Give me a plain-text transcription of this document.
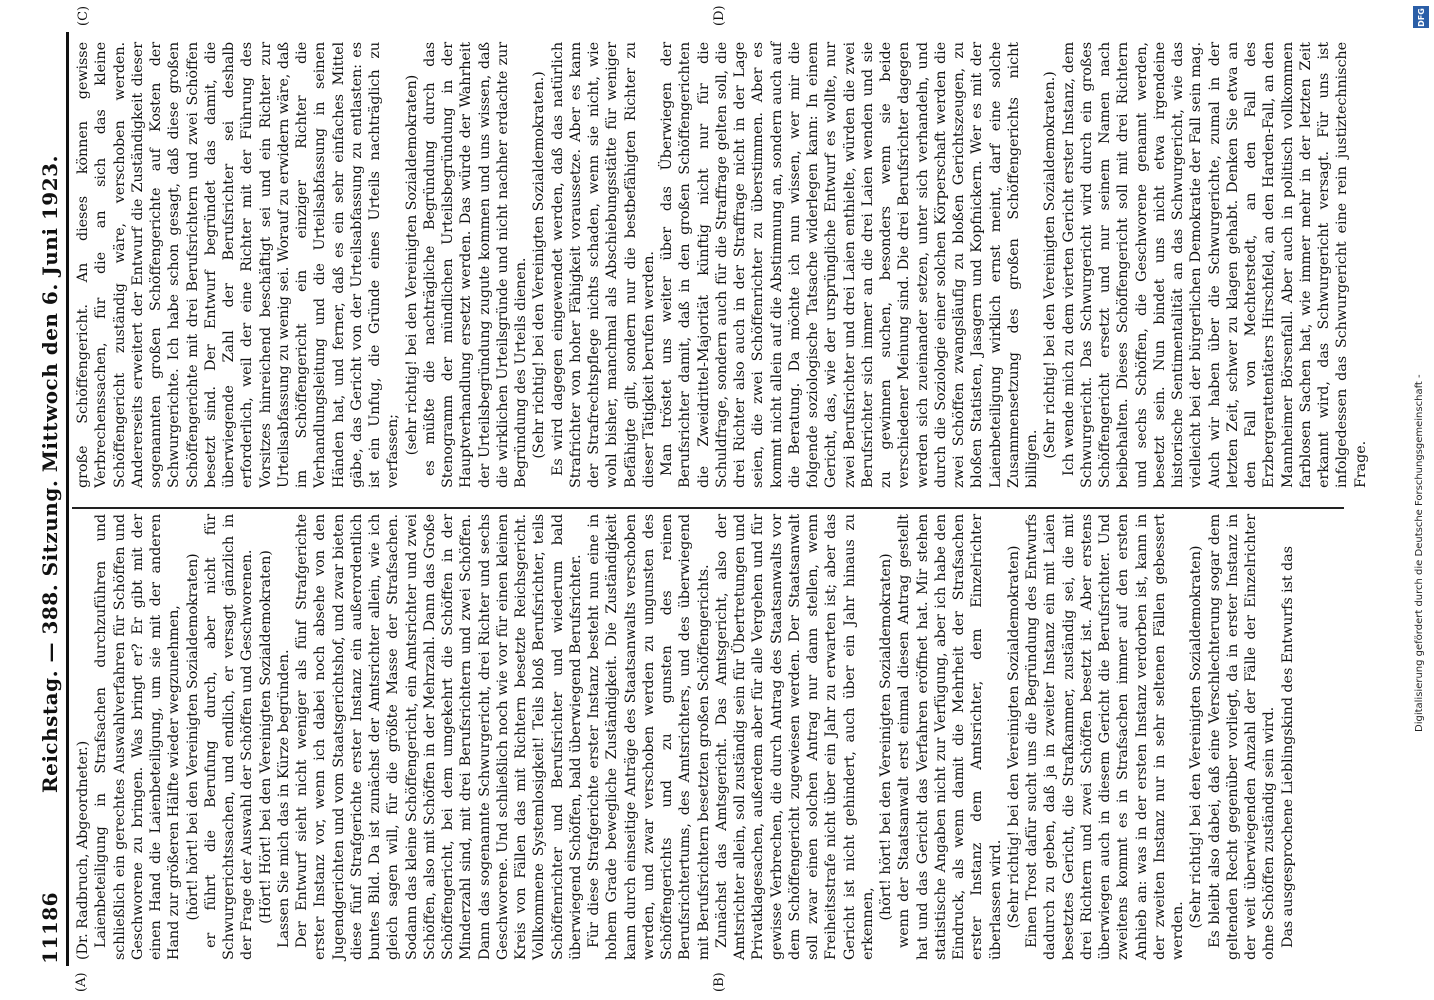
11186
Reichstag. — 388. Sitzung. Mittwoch den 6. Juni 1923.
(A)	(B)
(C)	(D)

(Dr. Radbruch, Abgeordneter.) Laienbeteiligung in Strafsachen durchzuführen und schließlich ein gerechtes Auswahlverfahren für Schöffen und Geschworene zu bringen. Was bringt er? Er gibt mit der einen Hand die Laienbeteiligung, um sie mit der anderen Hand zur größeren Hälfte wieder wegzunehmen, (hört! hört! bei den Vereinigten Sozialdemokraten) er führt die Berufung durch, aber nicht für Schwurgerichtssachen, und endlich, er versagt gänzlich in der Frage der Auswahl der Schöffen und Geschworenen. (Hört! Hört! bei den Vereinigten Sozialdemokraten) Lassen Sie mich das in Kürze begründen. Der Entwurf sieht nicht weniger als fünf Strafgerichte erster Instanz vor, wenn ich dabei noch absehe von den Jugendgerichten und vom Staatsgerichtshof, und zwar bieten diese fünf Strafgerichte erster Instanz ein außerordentlich buntes Bild. Da ist zunächst der Amtsrichter allein, wie ich gleich sagen will, für die größte Masse der Strafsachen. Sodann das kleine Schöffengericht, ein Amtsrichter und zwei Schöffen, also mit Schöffen in der Mehrzahl. Dann das Große Schöffengericht, bei dem umgekehrt die Schöffen in der Minderzahl sind, mit drei Berufsrichtern und zwei Schöffen. Dann das sogenannte Schwurgericht, drei Richter und sechs Geschworene. Und schließlich noch wie vor für einen kleinen Kreis von Fällen das mit Richtern besetzte Reichsgericht. Vollkommene Systemlosigkeit! Teils bloß Berufsrichter, teils Schöffenrichter und Berufsrichter und wiederum bald überwiegend Schöffen, bald überwiegend Berufsrichter. Für diese Strafgerichte erster Instanz besteht nun eine in hohem Grade bewegliche Zuständigkeit. Die Zuständigkeit kann durch einseitige Anträge des Staatsanwalts verschoben werden, und zwar verschoben werden zu ungunsten des Schöffengerichts und zu gunsten des reinen Berufsrichtertums, des Amtsrichters, und des überwiegend mit Berufsrichtern besetzten großen Schöffengerichts. Zunächst das Amtsgericht. Das Amtsgericht, also der Amtsrichter allein, soll zuständig sein für Übertretungen und Privatklagesachen, außerdem aber für alle Vergehen und für gewisse Verbrechen, die durch Antrag des Staatsanwalts vor dem Schöffengericht zugewiesen werden. Der Staatsanwalt soll zwar einen solchen Antrag nur dann stellen, wenn Freiheitsstrafe nicht über ein Jahr zu erwarten ist; aber das Gericht ist nicht gehindert, auch über ein Jahr hinaus zu erkennen,

(hört! hört! bei den Vereinigten Sozialdemokraten) wenn der Staatsanwalt erst einmal diesen Antrag gestellt hat und das Gericht das Verfahren eröffnet hat. Mir stehen statistische Angaben nicht zur Verfügung, aber ich habe den Eindruck, als wenn damit die Mehrheit der Strafsachen erster Instanz dem Amtsrichter, dem Einzelrichter überlassen wird. (Sehr richtig! bei den Vereinigten Sozialdemokraten) Einen Trost dafür sucht uns die Begründung des Entwurfs dadurch zu geben, daß ja in zweiter Instanz ein mit Laien besetztes Gericht, die Strafkammer, zuständig sei, die mit drei Richtern und zwei Schöffen besetzt ist. Aber erstens überwiegen auch in diesem Gericht die Berufsrichter. Und zweitens kommt es in Strafsachen immer auf den ersten Anhieb an: was in der ersten Instanz verdorben ist, kann in der zweiten Instanz nur in sehr seltenen Fällen gebessert werden.

(Sehr richtig! bei den Vereinigten Sozialdemokraten) Es bleibt also dabei, daß eine Verschlechterung sogar dem geltenden Recht gegenüber vorliegt, da in erster Instanz in der weit überwiegenden Anzahl der Fälle der Einzelrichter ohne Schöffen zuständig sein wird. Das ausgesprochene Lieblingskind des Entwurfs ist das

große Schöffengericht. An dieses können gewisse Verbrechenssachen, für die an sich das kleine Schöffengericht zuständig wäre, verschoben werden. Andererseits erweitert der Entwurf die Zuständigkeit dieser sogenannten großen Schöffengerichte auf Kosten der Schwurgerichte. Ich habe schon gesagt, daß diese großen Schöffengerichte mit drei Berufsrichtern und zwei Schöffen besetzt sind. Der Entwurf begründet das damit, die überwiegende Zahl der Berufsrichter sei deshalb erforderlich, weil der eine Richter mit der Führung des Vorsitzes hinreichend beschäftigt sei und ein Richter zur Urteilsabfassung zu wenig sei. Worauf zu erwidern wäre, daß im Schöffengericht ein einziger Richter die Verhandlungsleitung und die Urteilsabfassung in seinen Händen hat, und ferner, daß es ein sehr einfaches Mittel gäbe, das Gericht von der Urteilsabfassung zu entlasten: es ist ein Unfug, die Gründe eines Urteils nachträglich zu verfassen; (sehr richtig! bei den Vereinigten Sozialdemokraten) es müßte die nachträgliche Begründung durch das Stenogramm der mündlichen Urteilsbegründung in der Hauptverhandlung ersetzt werden. Das würde der Wahrheit der Urteilsbegründung zugute kommen und uns wissen, daß die wirklichen Urteilsgründe und nicht nachher erdachte zur Begründung des Urteils dienen. (Sehr richtig! bei den Vereinigten Sozialdemokraten.) Es wird dagegen eingewendet werden, daß das natürlich Strafrichter von hoher Fähigkeit voraussetze. Aber es kann der Strafrechtspflege nichts schaden, wenn sie nicht, wie wohl bisher, manchmal als Abschiebungsstätte für weniger Befähigte gilt, sondern nur die bestbefähigten Richter zu dieser Tätigkeit berufen werden. Man tröstet uns weiter über das Überwiegen der Berufsrichter damit, daß in den großen Schöffengerichten die Zweidrittel-Majorität künftig nicht nur für die Schuldfrage, sondern auch für die Straffrage gelten soll, die drei Richter also auch in der Straffrage nicht in der Lage seien, die zwei Schöffenrichter zu überstimmen. Aber es kommt nicht allein auf die Abstimmung an, sondern auch auf die Beratung. Da möchte ich nun wissen, wer mir die folgende soziologische Tatsache widerlegen kann: In einem Gericht, das, wie der ursprüngliche Entwurf es wollte, nur zwei Berufsrichter und drei Laien enthielte, würden die zwei Berufsrichter sich immer an die drei Laien wenden und sie zu gewinnen suchen, besonders wenn sie beide verschiedener Meinung sind. Die drei Berufsrichter dagegen werden sich zueinander setzen, unter sich verhandeln, und durch die Soziologie einer solchen Körperschaft werden die zwei Schöffen zwangsläufig zu bloßen Gerichtszeugen, zu bloßen Statisten, Jasagern und Kopfnickern. Wer es mit der Laienbeteiligung wirklich ernst meint, darf eine solche Zusammensetzung des großen Schöffengerichts nicht billigen.

(Sehr richtig! bei den Vereinigten Sozialdemokraten.) Ich wende mich zu dem vierten Gericht erster Instanz, dem Schwurgericht. Das Schwurgericht wird durch ein großes Schöffengericht ersetzt und nur seinem Namen nach beibehalten. Dieses Schöffengericht soll mit drei Richtern und sechs Schöffen, die Geschworene genannt werden, besetzt sein. Nun bindet uns nicht etwa irgendeine historische Sentimentalität an das Schwurgericht, wie das vielleicht bei der bürgerlichen Demokratie der Fall sein mag. Auch wir haben über die Schwurgerichte, zumal in der letzten Zeit, schwer zu klagen gehabt. Denken Sie etwa an den Fall von Mechterstedt, an den Fall des Erzbergerattentäters Hirschfeld, an den Harden-Fall, an den Mannheimer Börsenfall. Aber auch in politisch vollkommen farblosen Sachen hat, wie immer mehr in der letzten Zeit erkannt wird, das Schwurgericht versagt. Für uns ist infolgedessen das Schwurgericht eine rein justiztechnische Frage.

DFG
Digitalisierung gefördert durch die Deutsche Forschungsgemeinschaft -
